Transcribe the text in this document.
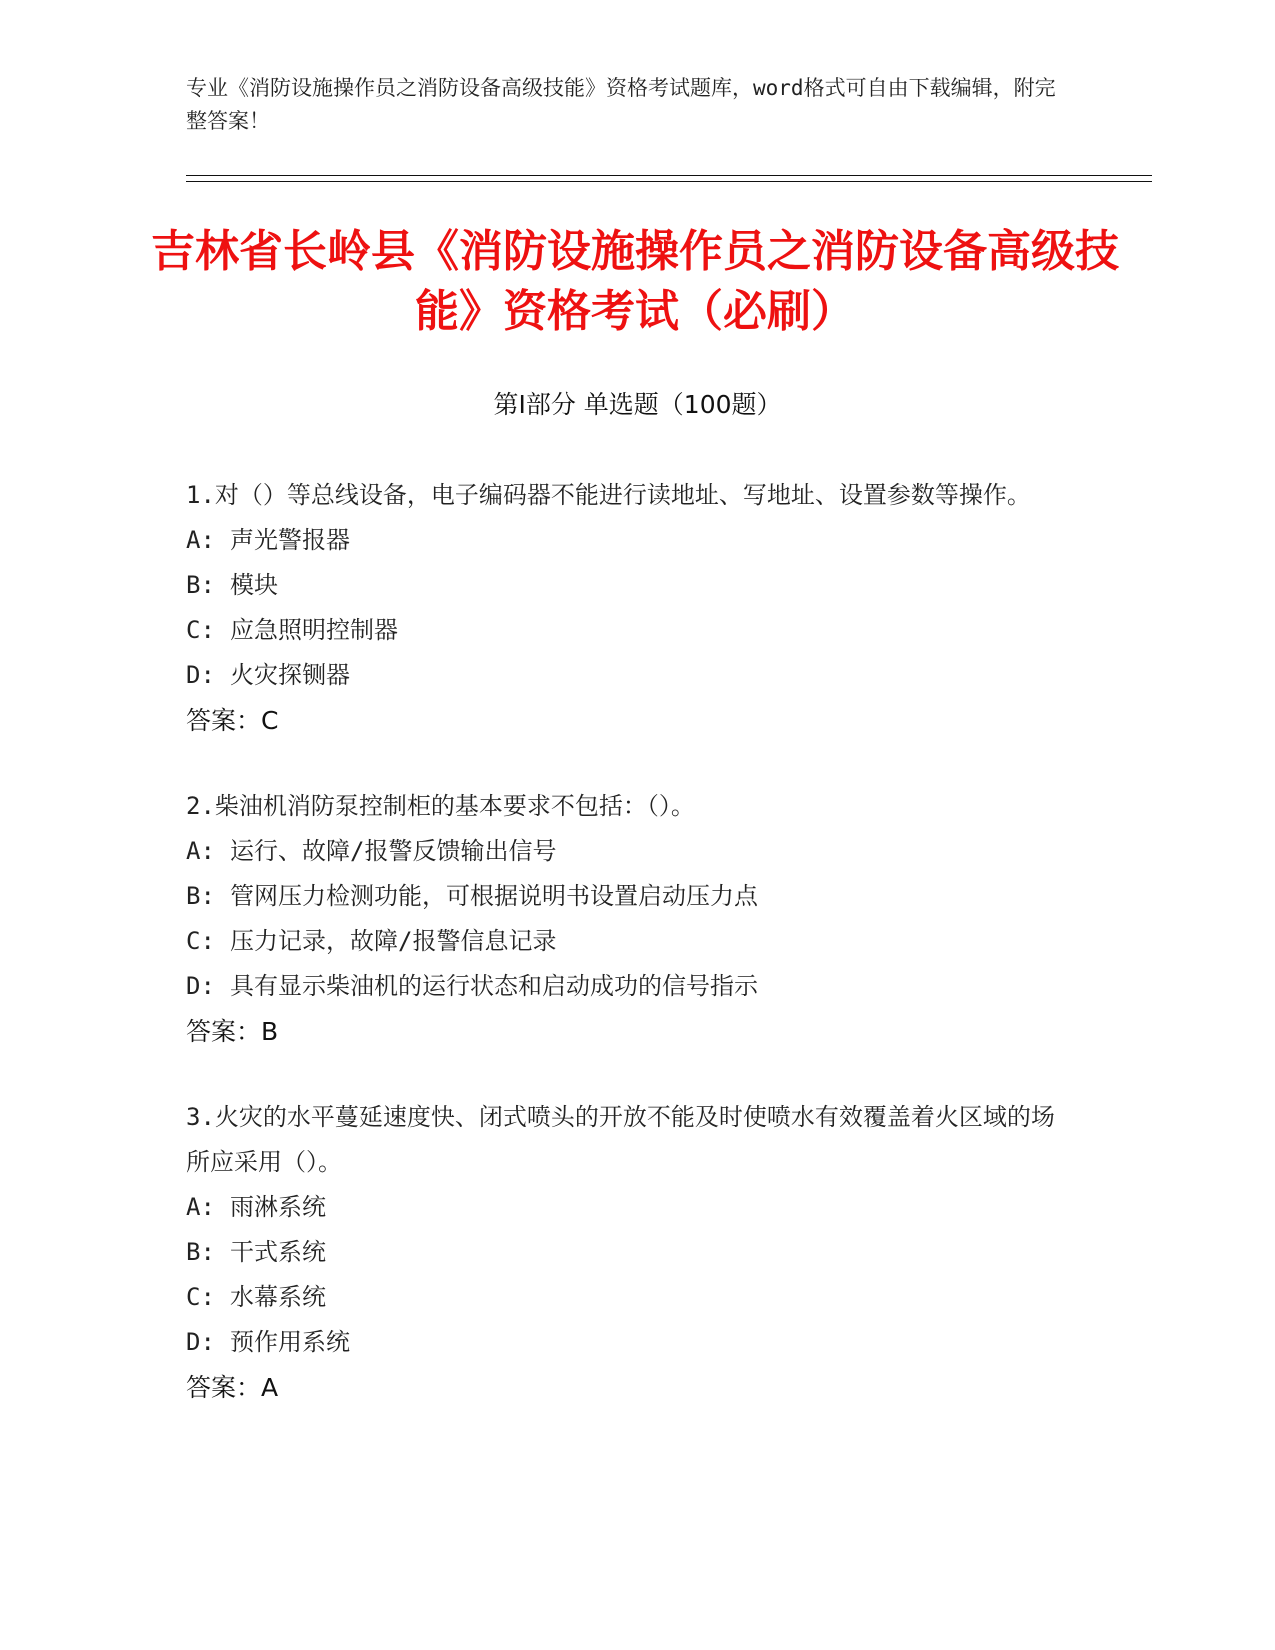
专业《消防设施操作员之消防设备高级技能》资格考试题库，word格式可自由下载编辑，附完整答案！
吉林省长岭县《消防设施操作员之消防设备高级技能》资格考试（必刷）
第Ⅰ部分 单选题（100题）
1.对（）等总线设备，电子编码器不能进行读地址、写地址、设置参数等操作。
A: 声光警报器
B: 模块
C: 应急照明控制器
D: 火灾探铡器
答案：C
2.柴油机消防泵控制柜的基本要求不包括：（）。
A: 运行、故障/报警反馈输出信号
B: 管网压力检测功能，可根据说明书设置启动压力点
C: 压力记录，故障/报警信息记录
D: 具有显示柴油机的运行状态和启动成功的信号指示
答案：B
3.火灾的水平蔓延速度快、闭式喷头的开放不能及时使喷水有效覆盖着火区域的场所应采用（）。
A: 雨淋系统
B: 干式系统
C: 水幕系统
D: 预作用系统
答案：A
